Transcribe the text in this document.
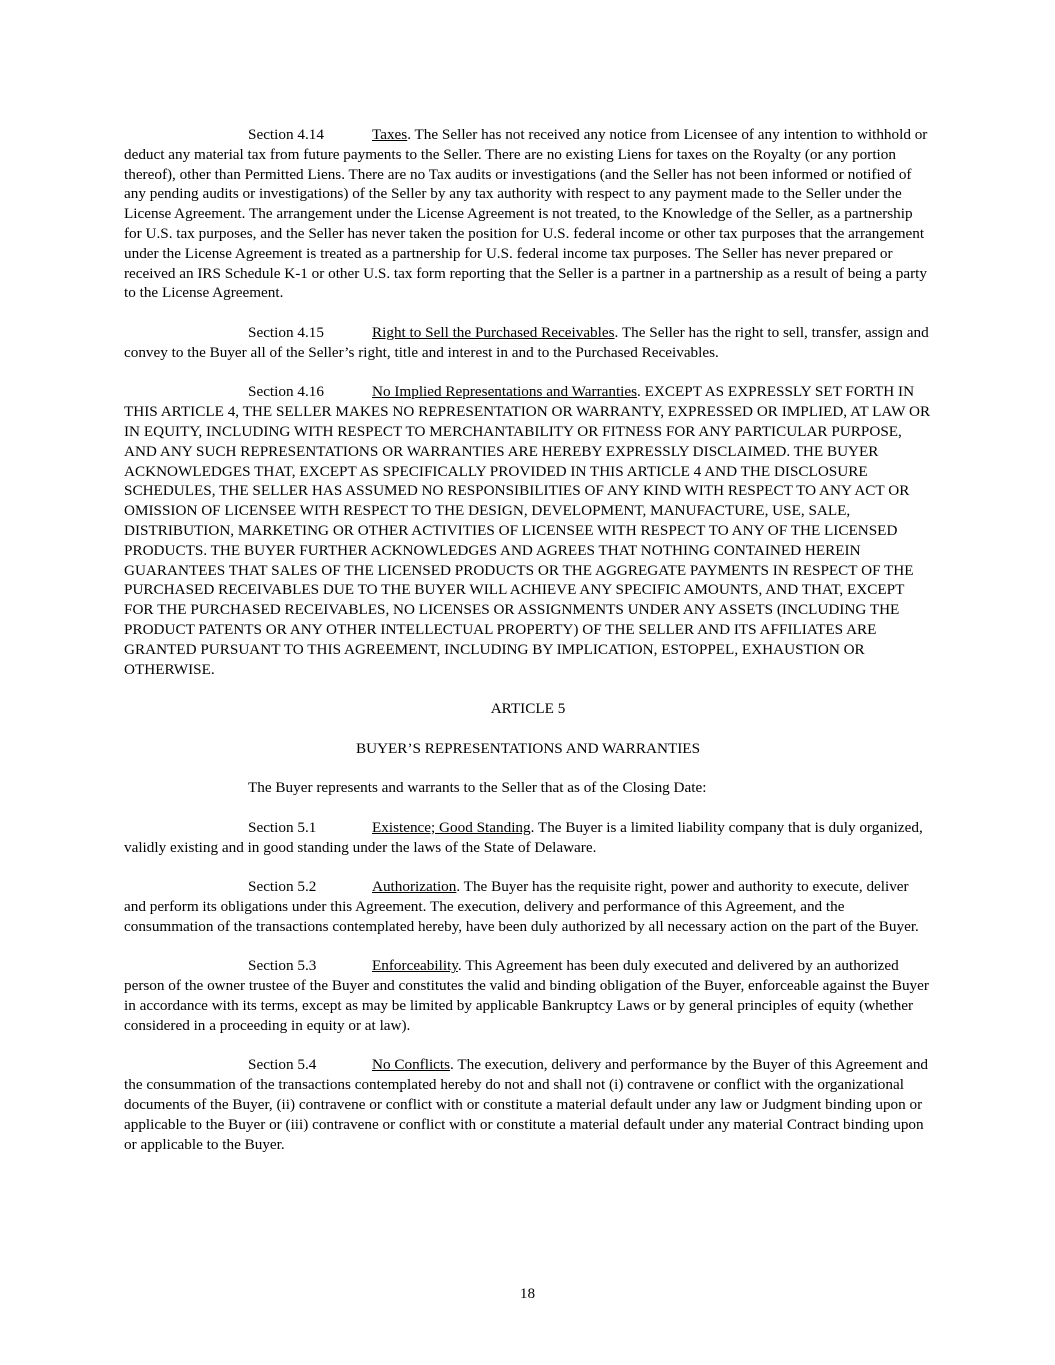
Section 4.14	Taxes. The Seller has not received any notice from Licensee of any intention to withhold or deduct any material tax from future payments to the Seller. There are no existing Liens for taxes on the Royalty (or any portion thereof), other than Permitted Liens. There are no Tax audits or investigations (and the Seller has not been informed or notified of any pending audits or investigations) of the Seller by any tax authority with respect to any payment made to the Seller under the License Agreement. The arrangement under the License Agreement is not treated, to the Knowledge of the Seller, as a partnership for U.S. tax purposes, and the Seller has never taken the position for U.S. federal income or other tax purposes that the arrangement under the License Agreement is treated as a partnership for U.S. federal income tax purposes. The Seller has never prepared or received an IRS Schedule K-1 or other U.S. tax form reporting that the Seller is a partner in a partnership as a result of being a party to the License Agreement.

Section 4.15	Right to Sell the Purchased Receivables. The Seller has the right to sell, transfer, assign and convey to the Buyer all of the Seller’s right, title and interest in and to the Purchased Receivables.

Section 4.16	No Implied Representations and Warranties. EXCEPT AS EXPRESSLY SET FORTH IN THIS ARTICLE 4, THE SELLER MAKES NO REPRESENTATION OR WARRANTY, EXPRESSED OR IMPLIED, AT LAW OR IN EQUITY, INCLUDING WITH RESPECT TO MERCHANTABILITY OR FITNESS FOR ANY PARTICULAR PURPOSE, AND ANY SUCH REPRESENTATIONS OR WARRANTIES ARE HEREBY EXPRESSLY DISCLAIMED. THE BUYER ACKNOWLEDGES THAT, EXCEPT AS SPECIFICALLY PROVIDED IN THIS ARTICLE 4 AND THE DISCLOSURE SCHEDULES, THE SELLER HAS ASSUMED NO RESPONSIBILITIES OF ANY KIND WITH RESPECT TO ANY ACT OR OMISSION OF LICENSEE WITH RESPECT TO THE DESIGN, DEVELOPMENT, MANUFACTURE, USE, SALE, DISTRIBUTION, MARKETING OR OTHER ACTIVITIES OF LICENSEE WITH RESPECT TO ANY OF THE LICENSED PRODUCTS. THE BUYER FURTHER ACKNOWLEDGES AND AGREES THAT NOTHING CONTAINED HEREIN GUARANTEES THAT SALES OF THE LICENSED PRODUCTS OR THE AGGREGATE PAYMENTS IN RESPECT OF THE PURCHASED RECEIVABLES DUE TO THE BUYER WILL ACHIEVE ANY SPECIFIC AMOUNTS, AND THAT, EXCEPT FOR THE PURCHASED RECEIVABLES, NO LICENSES OR ASSIGNMENTS UNDER ANY ASSETS (INCLUDING THE PRODUCT PATENTS OR ANY OTHER INTELLECTUAL PROPERTY) OF THE SELLER AND ITS AFFILIATES ARE GRANTED PURSUANT TO THIS AGREEMENT, INCLUDING BY IMPLICATION, ESTOPPEL, EXHAUSTION OR OTHERWISE.

ARTICLE 5

BUYER’S REPRESENTATIONS AND WARRANTIES

The Buyer represents and warrants to the Seller that as of the Closing Date:

Section 5.1	Existence; Good Standing. The Buyer is a limited liability company that is duly organized, validly existing and in good standing under the laws of the State of Delaware.

Section 5.2	Authorization. The Buyer has the requisite right, power and authority to execute, deliver and perform its obligations under this Agreement. The execution, delivery and performance of this Agreement, and the consummation of the transactions contemplated hereby, have been duly authorized by all necessary action on the part of the Buyer.

Section 5.3	Enforceability. This Agreement has been duly executed and delivered by an authorized person of the owner trustee of the Buyer and constitutes the valid and binding obligation of the Buyer, enforceable against the Buyer in accordance with its terms, except as may be limited by applicable Bankruptcy Laws or by general principles of equity (whether considered in a proceeding in equity or at law).

Section 5.4	No Conflicts. The execution, delivery and performance by the Buyer of this Agreement and the consummation of the transactions contemplated hereby do not and shall not (i) contravene or conflict with the organizational documents of the Buyer, (ii) contravene or conflict with or constitute a material default under any law or Judgment binding upon or applicable to the Buyer or (iii) contravene or conflict with or constitute a material default under any material Contract binding upon or applicable to the Buyer.

18
